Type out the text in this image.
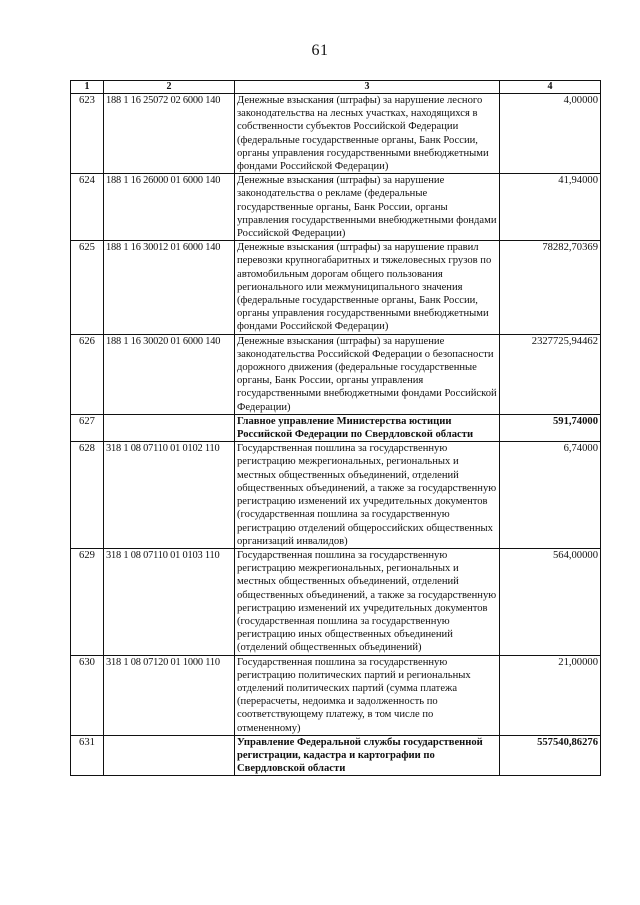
61
1	2	3	4
623	188 1 16 25072 02 6000 140	Денежные взыскания (штрафы) за нарушение лесного законодательства на лесных участках, находящихся в собственности субъектов Российской Федерации (федеральные государственные органы, Банк России, органы управления государственными внебюджетными фондами Российской Федерации)	4,00000
624	188 1 16 26000 01 6000 140	Денежные взыскания (штрафы) за нарушение законодательства о рекламе (федеральные государственные органы, Банк России, органы управления государственными внебюджетными фондами Российской Федерации)	41,94000
625	188 1 16 30012 01 6000 140	Денежные взыскания (штрафы) за нарушение правил перевозки крупногабаритных и тяжеловесных грузов по автомобильным дорогам общего пользования регионального или межмуниципального значения (федеральные государственные органы, Банк России, органы управления государственными внебюджетными фондами Российской Федерации)	78282,70369
626	188 1 16 30020 01 6000 140	Денежные взыскания (штрафы) за нарушение законодательства Российской Федерации о безопасности дорожного движения (федеральные государственные органы, Банк России, органы управления государственными внебюджетными фондами Российской Федерации)	2327725,94462
627		Главное управление Министерства юстиции Российской Федерации по Свердловской области	591,74000
628	318 1 08 07110 01 0102 110	Государственная пошлина за государственную регистрацию межрегиональных, региональных и местных общественных объединений, отделений общественных объединений, а также за государственную регистрацию изменений их учредительных документов (государственная пошлина за государственную регистрацию отделений общероссийских общественных организаций инвалидов)	6,74000
629	318 1 08 07110 01 0103 110	Государственная пошлина за государственную регистрацию межрегиональных, региональных и местных общественных объединений, отделений общественных объединений, а также за государственную регистрацию изменений их учредительных документов (государственная пошлина за государственную регистрацию иных общественных объединений (отделений общественных объединений)	564,00000
630	318 1 08 07120 01 1000 110	Государственная пошлина за государственную регистрацию политических партий и региональных отделений политических партий (сумма платежа (перерасчеты, недоимка и задолженность по соответствующему платежу, в том числе по отмененному)	21,00000
631		Управление Федеральной службы государственной регистрации, кадастра и картографии по Свердловской области	557540,86276
